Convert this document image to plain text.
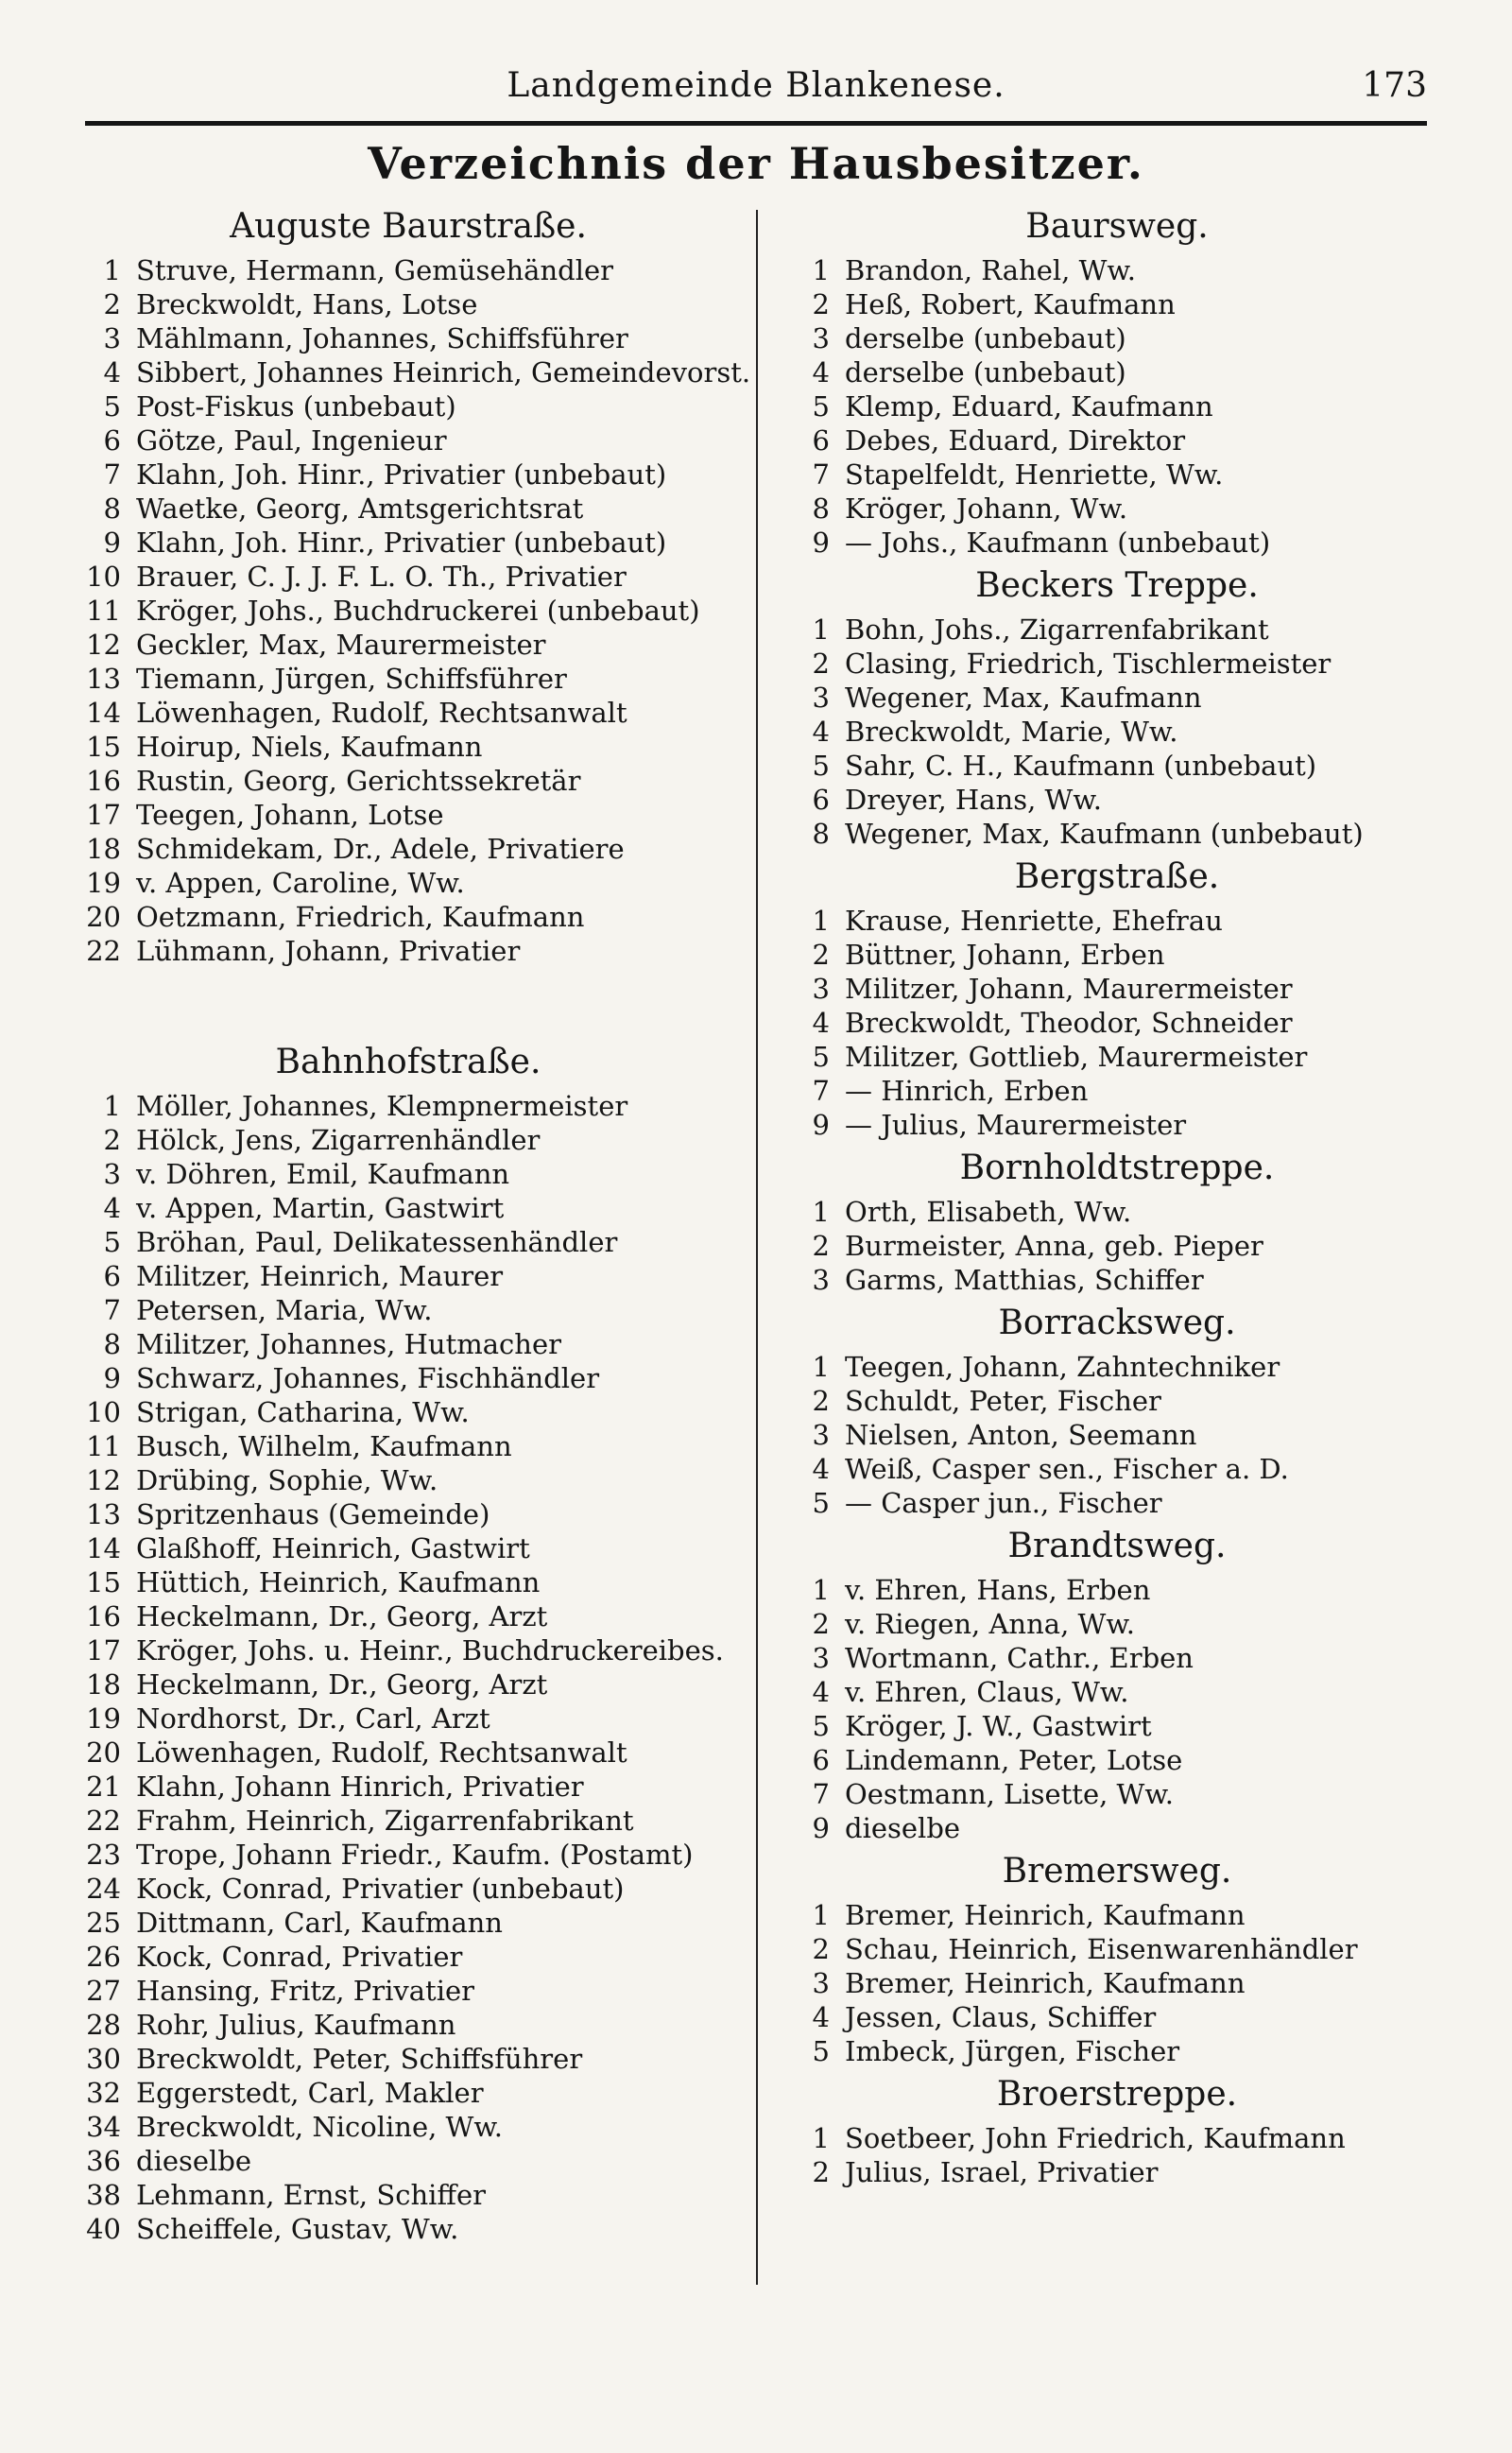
Landgemeinde Blankenese.	173
Verzeichnis der Hausbesitzer.
Auguste Baurstraße.
1 Struve, Hermann, Gemüsehändler
2 Breckwoldt, Hans, Lotse
3 Mählmann, Johannes, Schiffsführer
4 Sibbert, Johannes Heinrich, Gemeindevorst.
5 Post-Fiskus (unbebaut)
6 Götze, Paul, Ingenieur
7 Klahn, Joh. Hinr., Privatier (unbebaut)
8 Waetke, Georg, Amtsgerichtsrat
9 Klahn, Joh. Hinr., Privatier (unbebaut)
10 Brauer, C. J. J. F. L. O. Th., Privatier
11 Kröger, Johs., Buchdruckerei (unbebaut)
12 Geckler, Max, Maurermeister
13 Tiemann, Jürgen, Schiffsführer
14 Löwenhagen, Rudolf, Rechtsanwalt
15 Hoirup, Niels, Kaufmann
16 Rustin, Georg, Gerichtssekretär
17 Teegen, Johann, Lotse
18 Schmidekam, Dr., Adele, Privatiere
19 v. Appen, Caroline, Ww.
20 Oetzmann, Friedrich, Kaufmann
22 Lühmann, Johann, Privatier
Bahnhofstraße.
1 Möller, Johannes, Klempnermeister
2 Hölck, Jens, Zigarrenhändler
3 v. Döhren, Emil, Kaufmann
4 v. Appen, Martin, Gastwirt
5 Bröhan, Paul, Delikatessenhändler
6 Militzer, Heinrich, Maurer
7 Petersen, Maria, Ww.
8 Militzer, Johannes, Hutmacher
9 Schwarz, Johannes, Fischhändler
10 Strigan, Catharina, Ww.
11 Busch, Wilhelm, Kaufmann
12 Drübing, Sophie, Ww.
13 Spritzenhaus (Gemeinde)
14 Glaßhoff, Heinrich, Gastwirt
15 Hüttich, Heinrich, Kaufmann
16 Heckelmann, Dr., Georg, Arzt
17 Kröger, Johs. u. Heinr., Buchdruckereibes.
18 Heckelmann, Dr., Georg, Arzt
19 Nordhorst, Dr., Carl, Arzt
20 Löwenhagen, Rudolf, Rechtsanwalt
21 Klahn, Johann Hinrich, Privatier
22 Frahm, Heinrich, Zigarrenfabrikant
23 Trope, Johann Friedr., Kaufm. (Postamt)
24 Kock, Conrad, Privatier (unbebaut)
25 Dittmann, Carl, Kaufmann
26 Kock, Conrad, Privatier
27 Hansing, Fritz, Privatier
28 Rohr, Julius, Kaufmann
30 Breckwoldt, Peter, Schiffsführer
32 Eggerstedt, Carl, Makler
34 Breckwoldt, Nicoline, Ww.
36 dieselbe
38 Lehmann, Ernst, Schiffer
40 Scheiffele, Gustav, Ww.
Baursweg.
1 Brandon, Rahel, Ww.
2 Heß, Robert, Kaufmann
3 derselbe (unbebaut)
4 derselbe (unbebaut)
5 Klemp, Eduard, Kaufmann
6 Debes, Eduard, Direktor
7 Stapelfeldt, Henriette, Ww.
8 Kröger, Johann, Ww.
9 — Johs., Kaufmann (unbebaut)
Beckers Treppe.
1 Bohn, Johs., Zigarrenfabrikant
2 Clasing, Friedrich, Tischlermeister
3 Wegener, Max, Kaufmann
4 Breckwoldt, Marie, Ww.
5 Sahr, C. H., Kaufmann (unbebaut)
6 Dreyer, Hans, Ww.
8 Wegener, Max, Kaufmann (unbebaut)
Bergstraße.
1 Krause, Henriette, Ehefrau
2 Büttner, Johann, Erben
3 Militzer, Johann, Maurermeister
4 Breckwoldt, Theodor, Schneider
5 Militzer, Gottlieb, Maurermeister
7 — Hinrich, Erben
9 — Julius, Maurermeister
Bornholdtstreppe.
1 Orth, Elisabeth, Ww.
2 Burmeister, Anna, geb. Pieper
3 Garms, Matthias, Schiffer
Borracksweg.
1 Teegen, Johann, Zahntechniker
2 Schuldt, Peter, Fischer
3 Nielsen, Anton, Seemann
4 Weiß, Casper sen., Fischer a. D.
5 — Casper jun., Fischer
Brandtsweg.
1 v. Ehren, Hans, Erben
2 v. Riegen, Anna, Ww.
3 Wortmann, Cathr., Erben
4 v. Ehren, Claus, Ww.
5 Kröger, J. W., Gastwirt
6 Lindemann, Peter, Lotse
7 Oestmann, Lisette, Ww.
9 dieselbe
Bremersweg.
1 Bremer, Heinrich, Kaufmann
2 Schau, Heinrich, Eisenwarenhändler
3 Bremer, Heinrich, Kaufmann
4 Jessen, Claus, Schiffer
5 Imbeck, Jürgen, Fischer
Broerstreppe.
1 Soetbeer, John Friedrich, Kaufmann
2 Julius, Israel, Privatier
